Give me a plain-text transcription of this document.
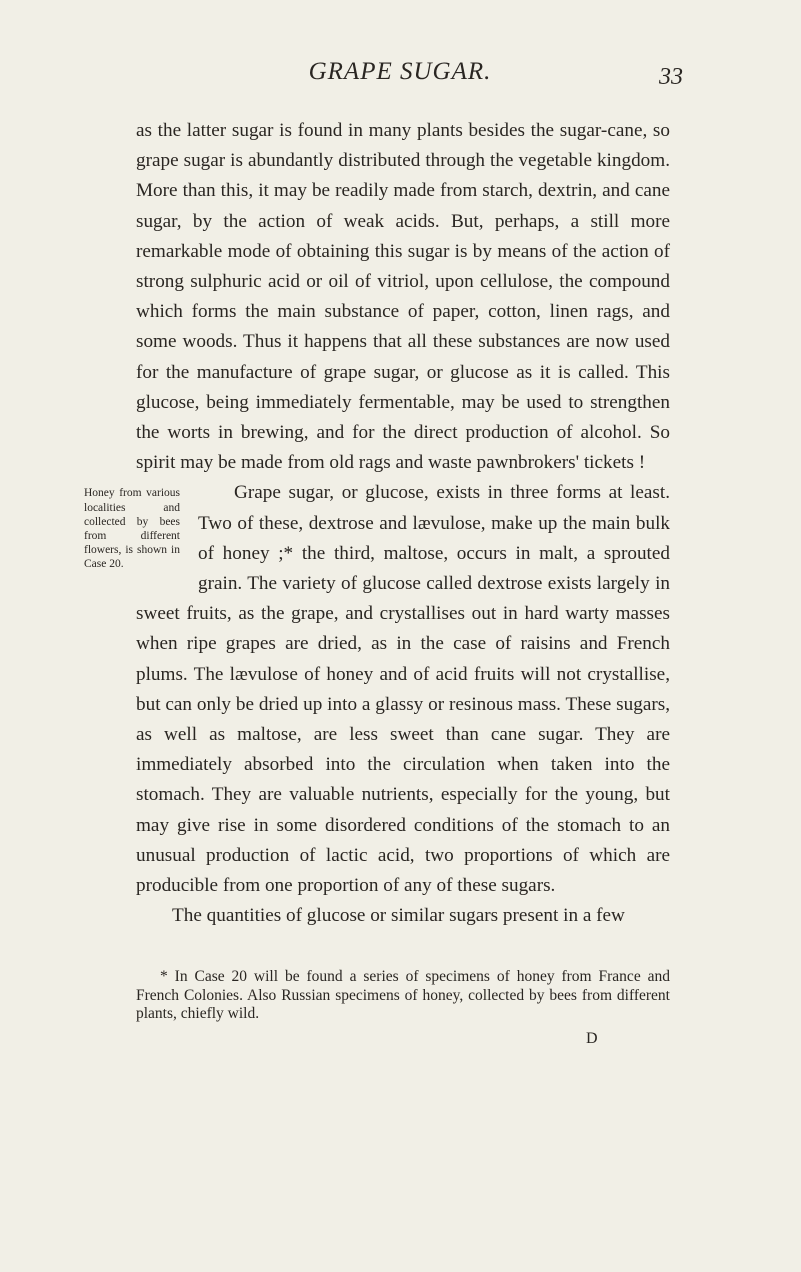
GRAPE SUGAR.	33

as the latter sugar is found in many plants besides the sugar-cane, so grape sugar is abundantly distributed through the vegetable kingdom. More than this, it may be readily made from starch, dextrin, and cane sugar, by the action of weak acids. But, perhaps, a still more remarkable mode of obtaining this sugar is by means of the action of strong sulphuric acid or oil of vitriol, upon cellulose, the compound which forms the main substance of paper, cotton, linen rags, and some woods. Thus it happens that all these substances are now used for the manufacture of grape sugar, or glucose as it is called. This glucose, being immediately fermentable, may be used to strengthen the worts in brewing, and for the direct production of alcohol. So spirit may be made from old rags and waste pawnbrokers' tickets !

Honey from various localities and collected by bees from different flowers, is shown in Case 20.
Grape sugar, or glucose, exists in three forms at least. Two of these, dextrose and lævulose, make up the main bulk of honey ;* the third, maltose, occurs in malt, a sprouted grain. The variety of glucose called dextrose exists largely in sweet fruits, as the grape, and crystallises out in hard warty masses when ripe grapes are dried, as in the case of raisins and French plums. The lævulose of honey and of acid fruits will not crystallise, but can only be dried up into a glassy or resinous mass. These sugars, as well as maltose, are less sweet than cane sugar. They are immediately absorbed into the circulation when taken into the stomach. They are valuable nutrients, especially for the young, but may give rise in some disordered conditions of the stomach to an unusual production of lactic acid, two proportions of which are producible from one proportion of any of these sugars.

The quantities of glucose or similar sugars present in a few

* In Case 20 will be found a series of specimens of honey from France and French Colonies. Also Russian specimens of honey, collected by bees from different plants, chiefly wild.

D
